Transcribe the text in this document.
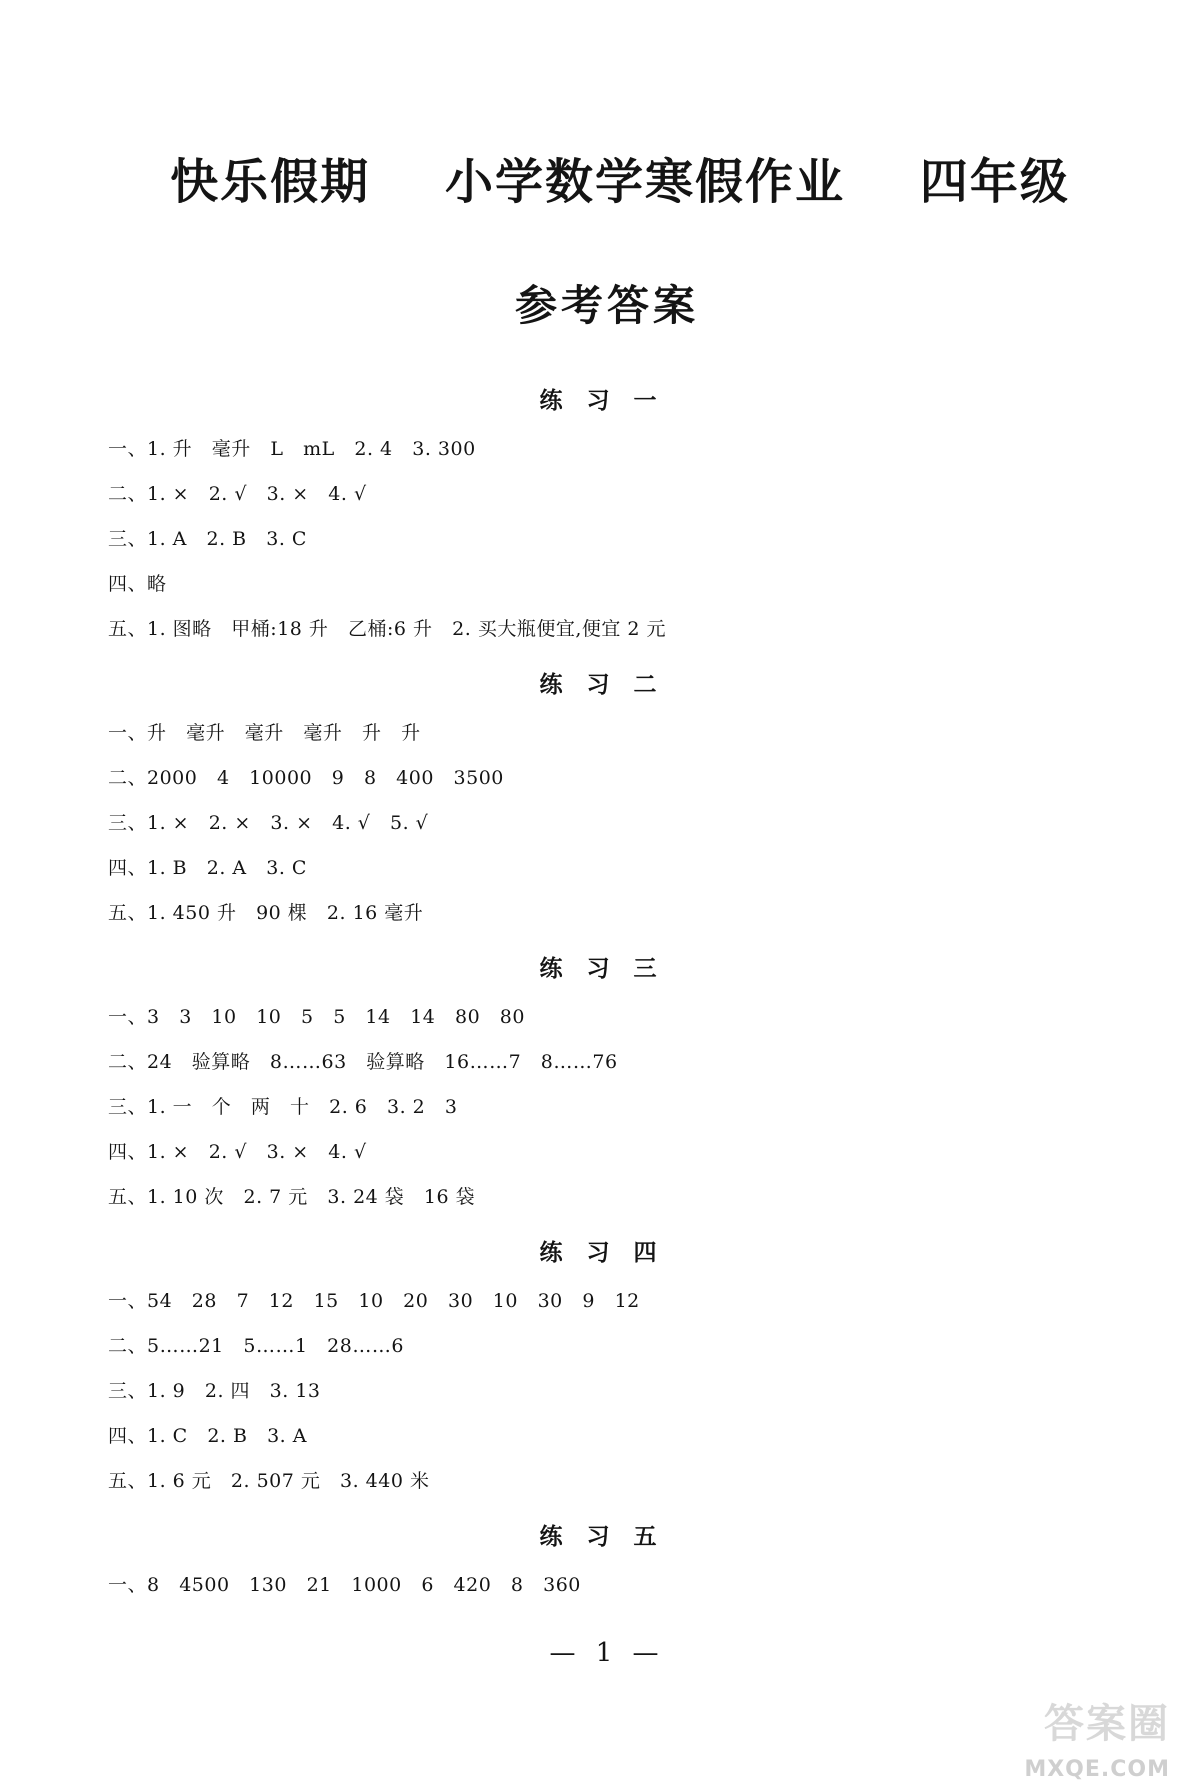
快乐假期    小学数学寒假作业    四年级
参考答案
练习一
一、1. 升   毫升   L   mL   2. 4   3. 300
二、1. ×   2. √   3. ×   4. √
三、1. A   2. B   3. C
四、略
五、1. 图略   甲桶:18 升   乙桶:6 升   2. 买大瓶便宜,便宜 2 元
练习二
一、升   毫升   毫升   毫升   升   升
二、2000   4   10000   9   8   400   3500
三、1. ×   2. ×   3. ×   4. √   5. √
四、1. B   2. A   3. C
五、1. 450 升   90 棵   2. 16 毫升
练习三
一、3   3   10   10   5   5   14   14   80   80
二、24   验算略   8……63   验算略   16……7   8……76
三、1. 一   个   两   十   2. 6   3. 2   3
四、1. ×   2. √   3. ×   4. √
五、1. 10 次   2. 7 元   3. 24 袋   16 袋
练习四
一、54   28   7   12   15   10   20   30   10   30   9   12
二、5……21   5……1   28……6
三、1. 9   2. 四   3. 13
四、1. C   2. B   3. A
五、1. 6 元   2. 507 元   3. 440 米
练习五
一、8   4500   130   21   1000   6   420   8   360
— 1 —
答案圈
MXQE.COM
